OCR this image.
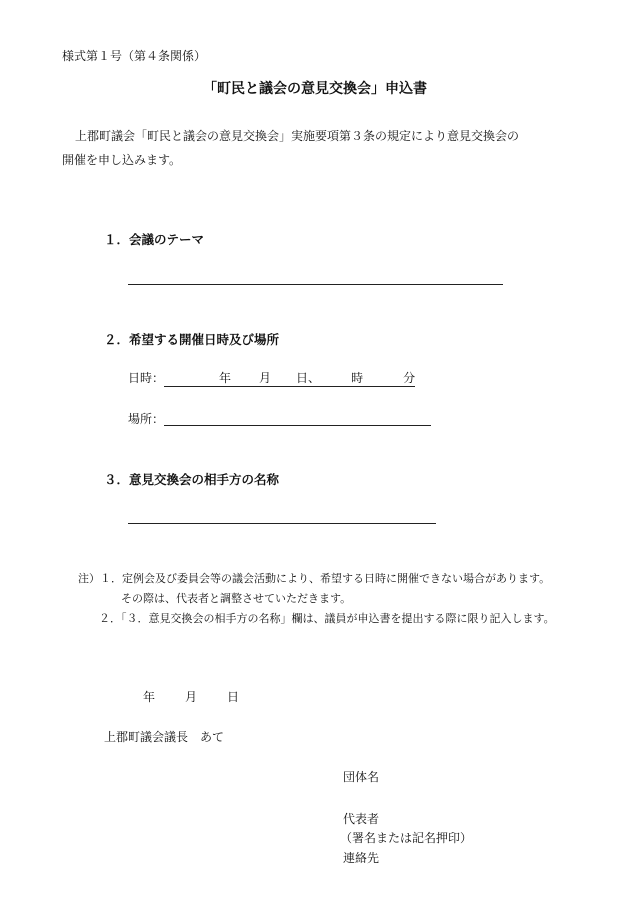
様式第１号（第４条関係）
「町民と議会の意見交換会」申込書
上郡町議会「町民と議会の意見交換会」実施要項第３条の規定により意見交換会の
開催を申し込みます。
１．会議のテーマ
２．希望する開催日時及び場所
日時：	年 月 日、	時	分
場所：
３．意見交換会の相手方の名称
注）１．定例会及び委員会等の議会活動により、希望する日時に開催できない場合があります。
その際は、代表者と調整させていただきます。
２．「３．意見交換会の相手方の名称」欄は、議員が申込書を提出する際に限り記入します。
年	月	日
上郡町議会議長　あて
団体名
代表者
（署名または記名押印）
連絡先
